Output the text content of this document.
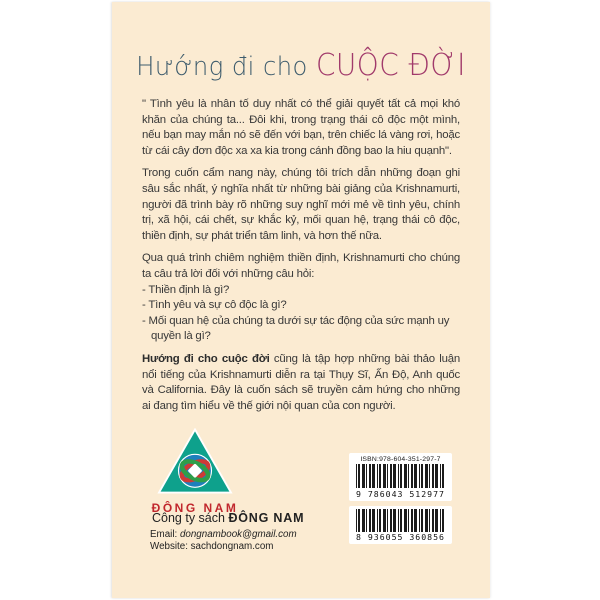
Hướng đi cho CUỘC ĐỜI

" Tình yêu là nhân tố duy nhất có thể giải quyết tất cả mọi khó khăn của chúng ta... Đôi khi, trong trạng thái cô độc một mình, nếu bạn may mắn nó sẽ đến với bạn, trên chiếc lá vàng rơi, hoặc từ cái cây đơn độc xa xa kia trong cánh đồng bao la hiu quạnh".

Trong cuốn cẩm nang này, chúng tôi trích dẫn những đoạn ghi sâu sắc nhất, ý nghĩa nhất từ những bài giảng của Krishnamurti, người đã trình bày rõ những suy nghĩ mới mẻ về tình yêu, chính trị, xã hội, cái chết, sự khắc kỷ, mối quan hệ, trạng thái cô độc, thiền định, sự phát triển tâm linh, và hơn thế nữa.

Qua quá trình chiêm nghiệm thiền định, Krishnamurti cho chúng ta câu trả lời đối với những câu hỏi:

- Thiền định là gì?
- Tình yêu và sự cô độc là gì?
- Mối quan hệ của chúng ta dưới sự tác động của sức mạnh uy quyền là gì?

Hướng đi cho cuộc đời cũng là tập hợp những bài thảo luận nổi tiếng của Krishnamurti diễn ra tại Thụy Sĩ, Ấn Độ, Anh quốc và California. Đây là cuốn sách sẽ truyền cảm hứng cho những ai đang tìm hiểu về thế giới nội quan của con người.

ĐÔNG NAM
Công ty sách ĐÔNG NAM
Email: dongnambook@gmail.com
Website: sachdongnam.com
ISBN:978-604-351-297-7
9 786043 512977
8 936055 360856
